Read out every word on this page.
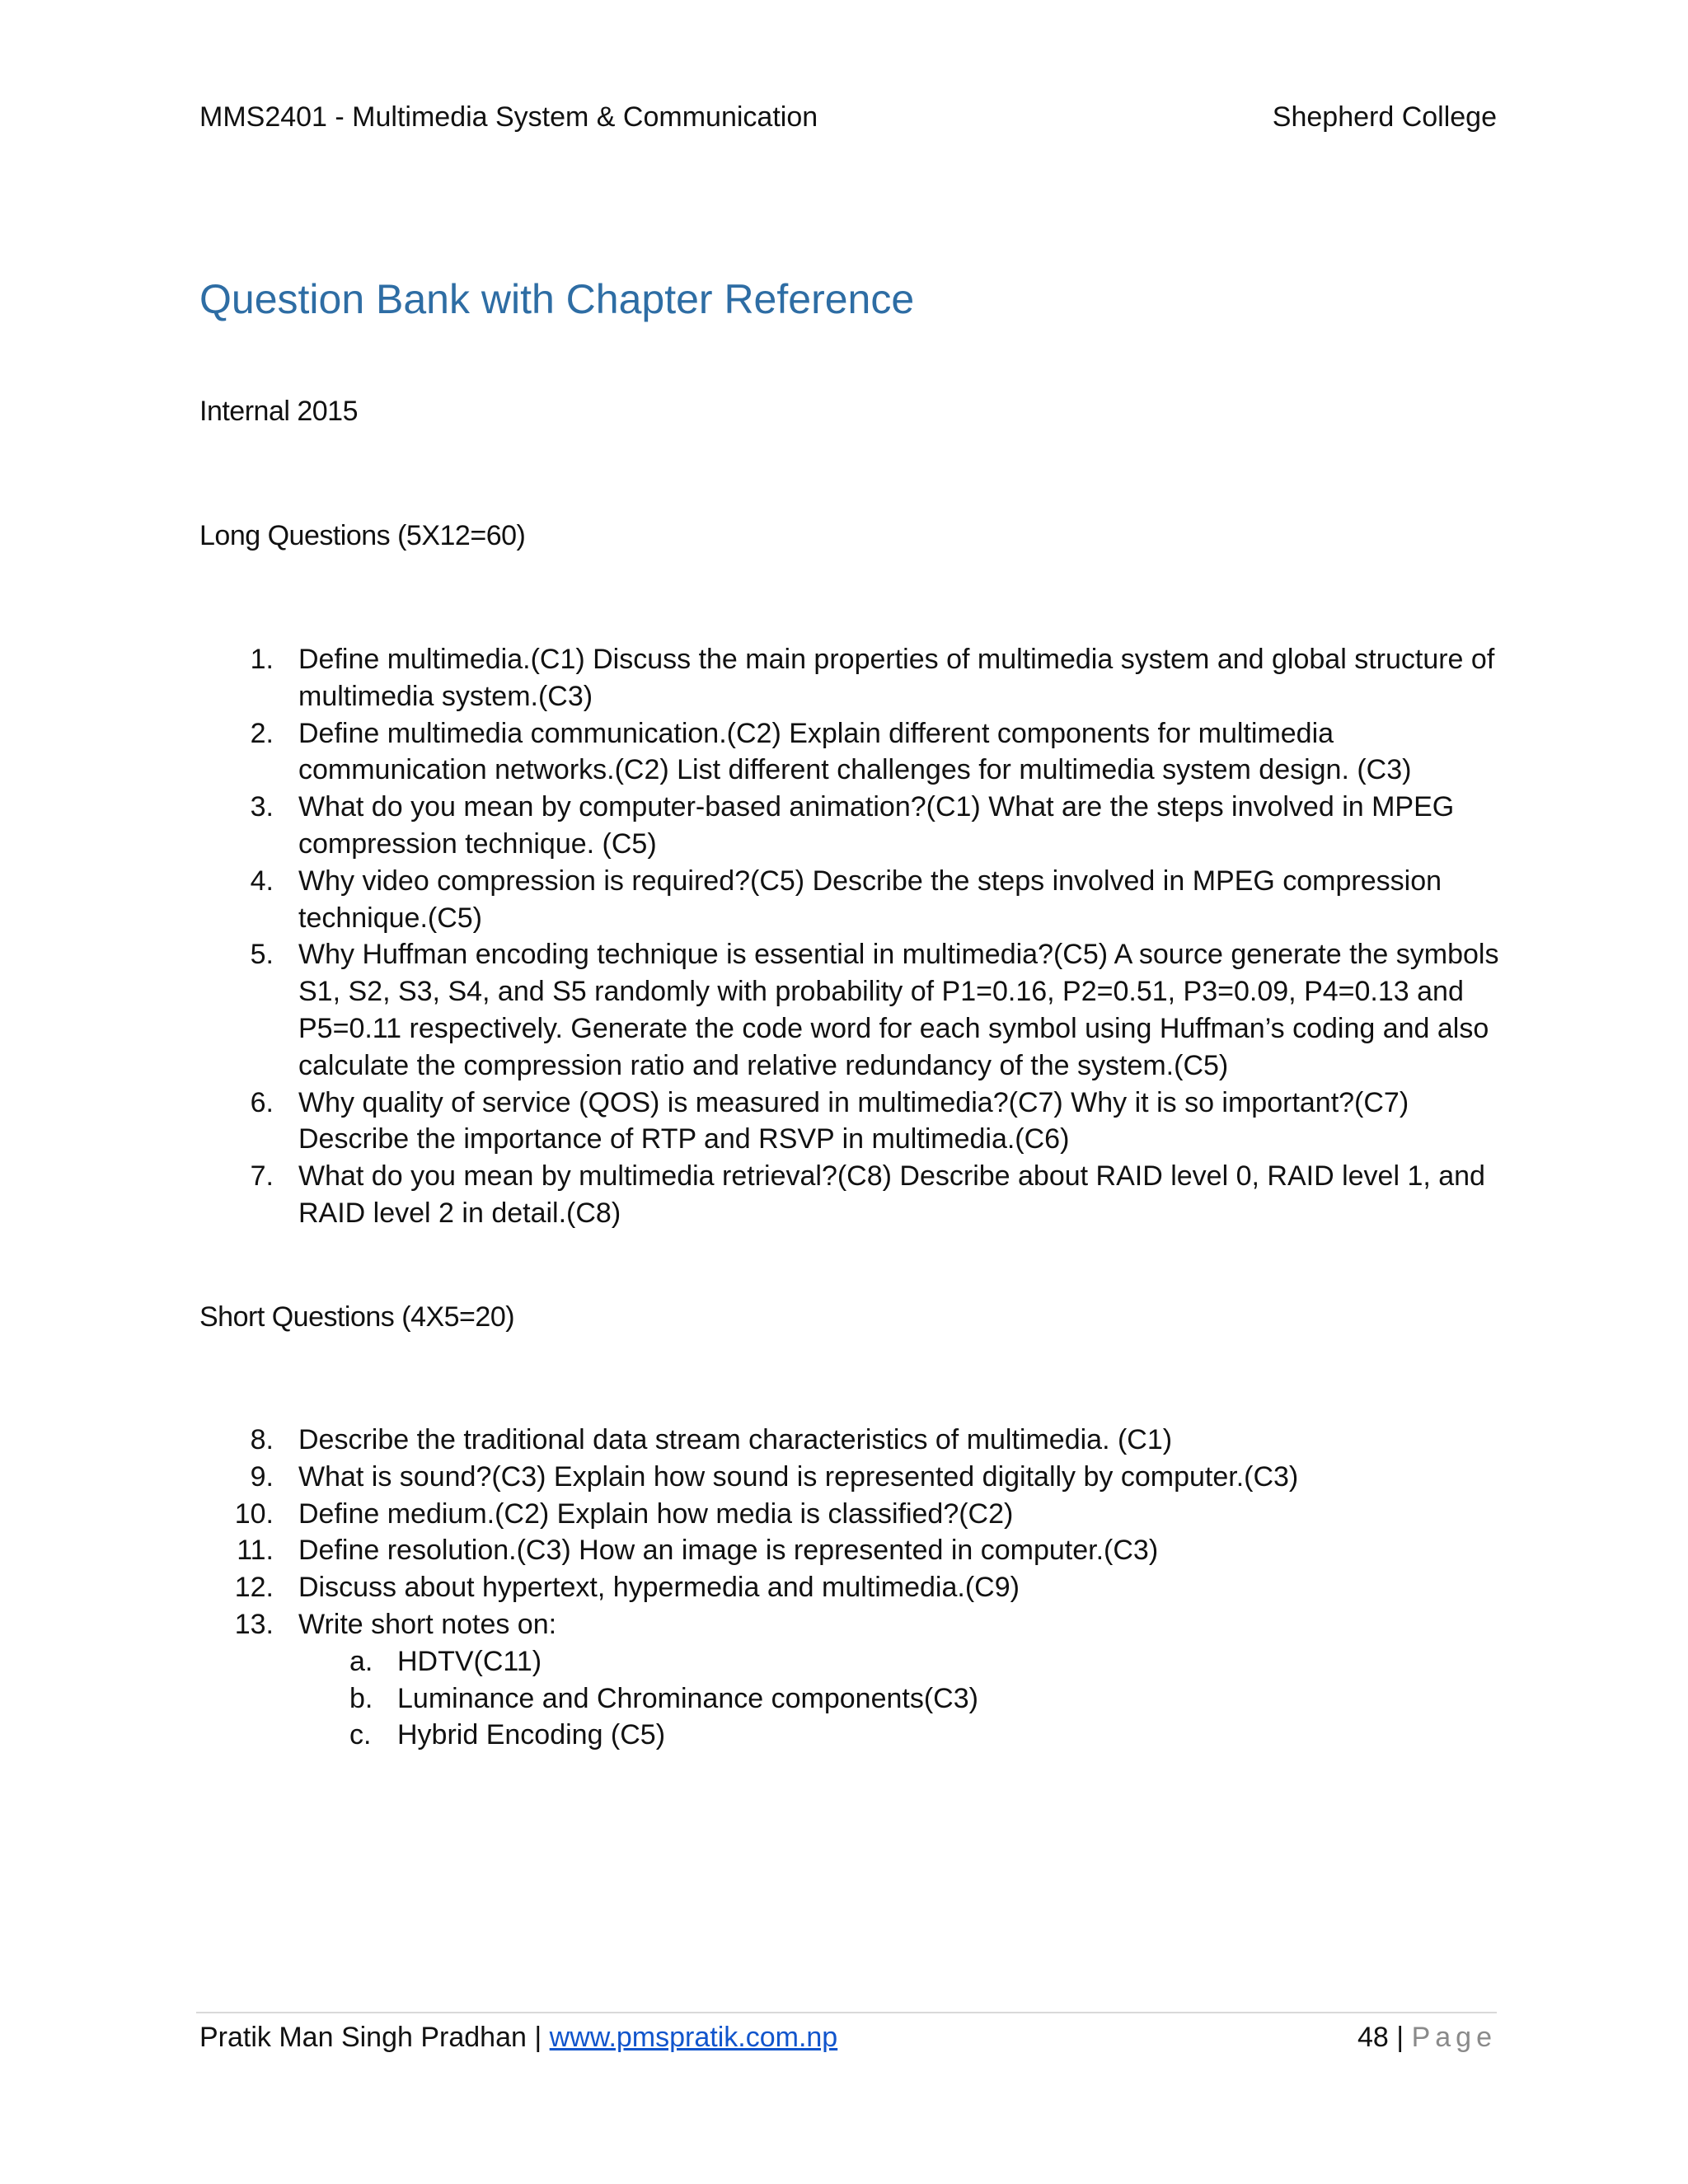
MMS2401 - Multimedia System & Communication	Shepherd College
Question Bank with Chapter Reference
Internal 2015
Long Questions (5X12=60)
1. Define multimedia.(C1) Discuss the main properties of multimedia system and global structure of multimedia system.(C3)
2. Define multimedia communication.(C2) Explain different components for multimedia communication networks.(C2) List different challenges for multimedia system design. (C3)
3. What do you mean by computer-based animation?(C1) What are the steps involved in MPEG compression technique. (C5)
4. Why video compression is required?(C5) Describe the steps involved in MPEG compression technique.(C5)
5. Why Huffman encoding technique is essential in multimedia?(C5) A source generate the symbols S1, S2, S3, S4, and S5 randomly with probability of P1=0.16, P2=0.51, P3=0.09, P4=0.13 and P5=0.11 respectively. Generate the code word for each symbol using Huffman’s coding and also calculate the compression ratio and relative redundancy of the system.(C5)
6. Why quality of service (QOS) is measured in multimedia?(C7) Why it is so important?(C7) Describe the importance of RTP and RSVP in multimedia.(C6)
7. What do you mean by multimedia retrieval?(C8) Describe about RAID level 0, RAID level 1, and RAID level 2 in detail.(C8)
Short Questions (4X5=20)
8. Describe the traditional data stream characteristics of multimedia. (C1)
9. What is sound?(C3) Explain how sound is represented digitally by computer.(C3)
10. Define medium.(C2) Explain how media is classified?(C2)
11. Define resolution.(C3) How an image is represented in computer.(C3)
12. Discuss about hypertext, hypermedia and multimedia.(C9)
13. Write short notes on:
a. HDTV(C11)
b. Luminance and Chrominance components(C3)
c. Hybrid Encoding (C5)
Pratik Man Singh Pradhan | www.pmspratik.com.np	48 | Page
